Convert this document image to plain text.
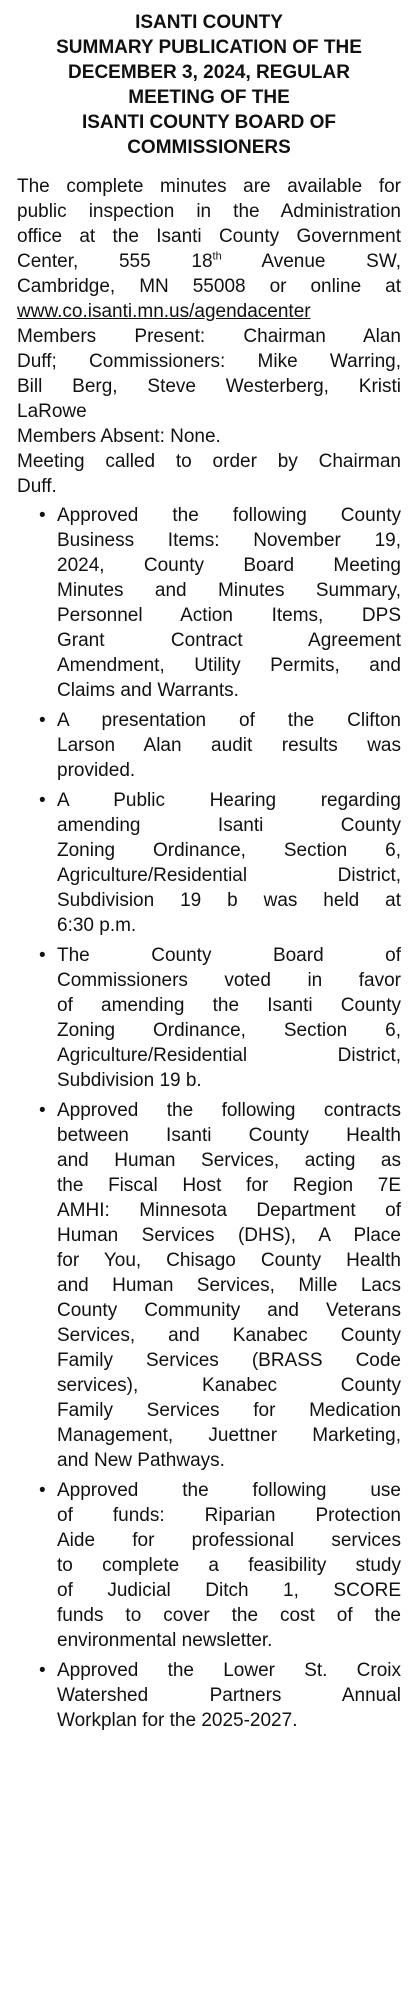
ISANTI COUNTY
SUMMARY PUBLICATION OF THE
DECEMBER 3, 2024, REGULAR
MEETING OF THE
ISANTI COUNTY BOARD OF
COMMISSIONERS
The complete minutes are available for
public inspection in the Administration
office at the Isanti County Government
Center, 555 18th Avenue SW,
Cambridge, MN 55008 or online at
www.co.isanti.mn.us/agendacenter
Members Present: Chairman Alan
Duff; Commissioners: Mike Warring,
Bill Berg, Steve Westerberg, Kristi
LaRowe
Members Absent: None.
Meeting called to order by Chairman
Duff.
• Approved the following County
Business Items: November 19,
2024, County Board Meeting
Minutes and Minutes Summary,
Personnel Action Items, DPS
Grant Contract Agreement
Amendment, Utility Permits, and
Claims and Warrants.
• A presentation of the Clifton
Larson Alan audit results was
provided.
• A Public Hearing regarding
amending Isanti County
Zoning Ordinance, Section 6,
Agriculture/Residential District,
Subdivision 19 b was held at
6:30 p.m.
• The County Board of
Commissioners voted in favor
of amending the Isanti County
Zoning Ordinance, Section 6,
Agriculture/Residential District,
Subdivision 19 b.
• Approved the following contracts
between Isanti County Health
and Human Services, acting as
the Fiscal Host for Region 7E
AMHI: Minnesota Department of
Human Services (DHS), A Place
for You, Chisago County Health
and Human Services, Mille Lacs
County Community and Veterans
Services, and Kanabec County
Family Services (BRASS Code
services), Kanabec County
Family Services for Medication
Management, Juettner Marketing,
and New Pathways.
• Approved the following use
of funds: Riparian Protection
Aide for professional services
to complete a feasibility study
of Judicial Ditch 1, SCORE
funds to cover the cost of the
environmental newsletter.
• Approved the Lower St. Croix
Watershed Partners Annual
Workplan for the 2025-2027.
